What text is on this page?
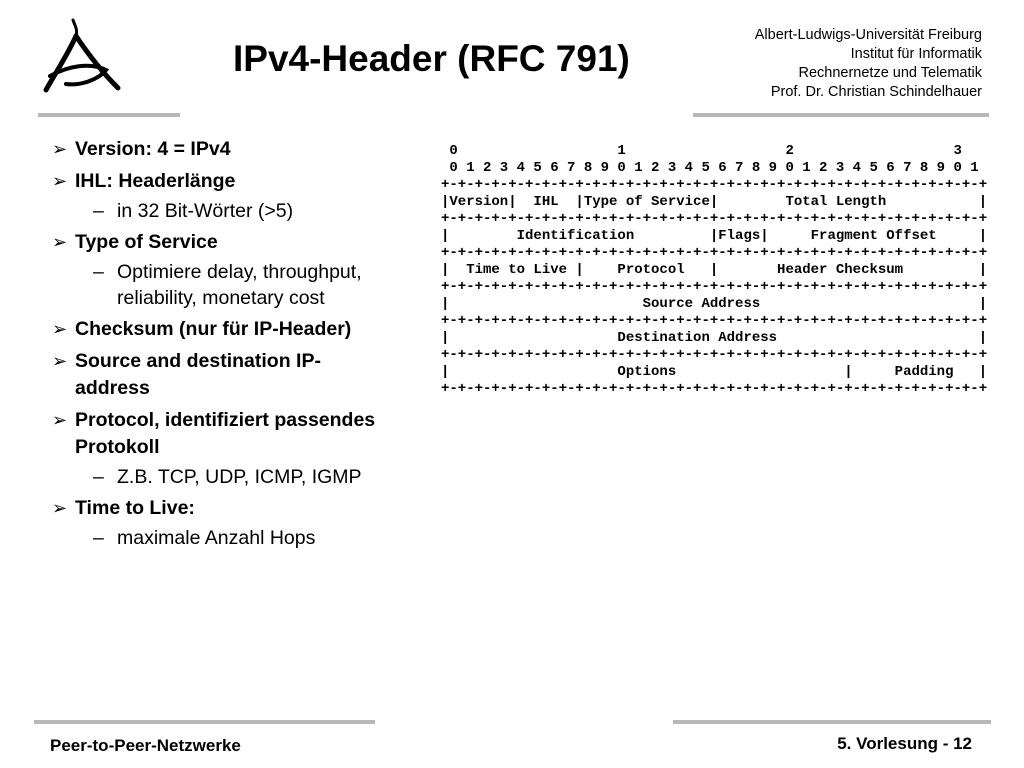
IPv4-Header (RFC 791)
Albert-Ludwigs-Universität Freiburg
Institut für Informatik
Rechnernetze und Telematik
Prof. Dr. Christian Schindelhauer
➢ Version: 4 = IPv4
➢ IHL: Headerlänge
– in 32 Bit-Wörter (>5)
➢ Type of Service
– Optimiere delay, throughput, reliability, monetary cost
➢ Checksum (nur für IP-Header)
➢ Source and destination IP-address
➢ Protocol, identifiziert passendes Protokoll
– Z.B. TCP, UDP, ICMP, IGMP
➢ Time to Live:
– maximale Anzahl Hops
0                   1                   2                   3
0 1 2 3 4 5 6 7 8 9 0 1 2 3 4 5 6 7 8 9 0 1 2 3 4 5 6 7 8 9 0 1
+-+-+-+-+-+-+-+-+-+-+-+-+-+-+-+-+-+-+-+-+-+-+-+-+-+-+-+-+-+-+-+-+
|Version|  IHL  |Type of Service|        Total Length           |
+-+-+-+-+-+-+-+-+-+-+-+-+-+-+-+-+-+-+-+-+-+-+-+-+-+-+-+-+-+-+-+-+
|        Identification         |Flags|     Fragment Offset     |
+-+-+-+-+-+-+-+-+-+-+-+-+-+-+-+-+-+-+-+-+-+-+-+-+-+-+-+-+-+-+-+-+
|  Time to Live |    Protocol   |       Header Checksum         |
+-+-+-+-+-+-+-+-+-+-+-+-+-+-+-+-+-+-+-+-+-+-+-+-+-+-+-+-+-+-+-+-+
|                       Source Address                          |
+-+-+-+-+-+-+-+-+-+-+-+-+-+-+-+-+-+-+-+-+-+-+-+-+-+-+-+-+-+-+-+-+
|                    Destination Address                        |
+-+-+-+-+-+-+-+-+-+-+-+-+-+-+-+-+-+-+-+-+-+-+-+-+-+-+-+-+-+-+-+-+
|                    Options                    |     Padding   |
+-+-+-+-+-+-+-+-+-+-+-+-+-+-+-+-+-+-+-+-+-+-+-+-+-+-+-+-+-+-+-+-+
Peer-to-Peer-Netzwerke	5. Vorlesung - 12
